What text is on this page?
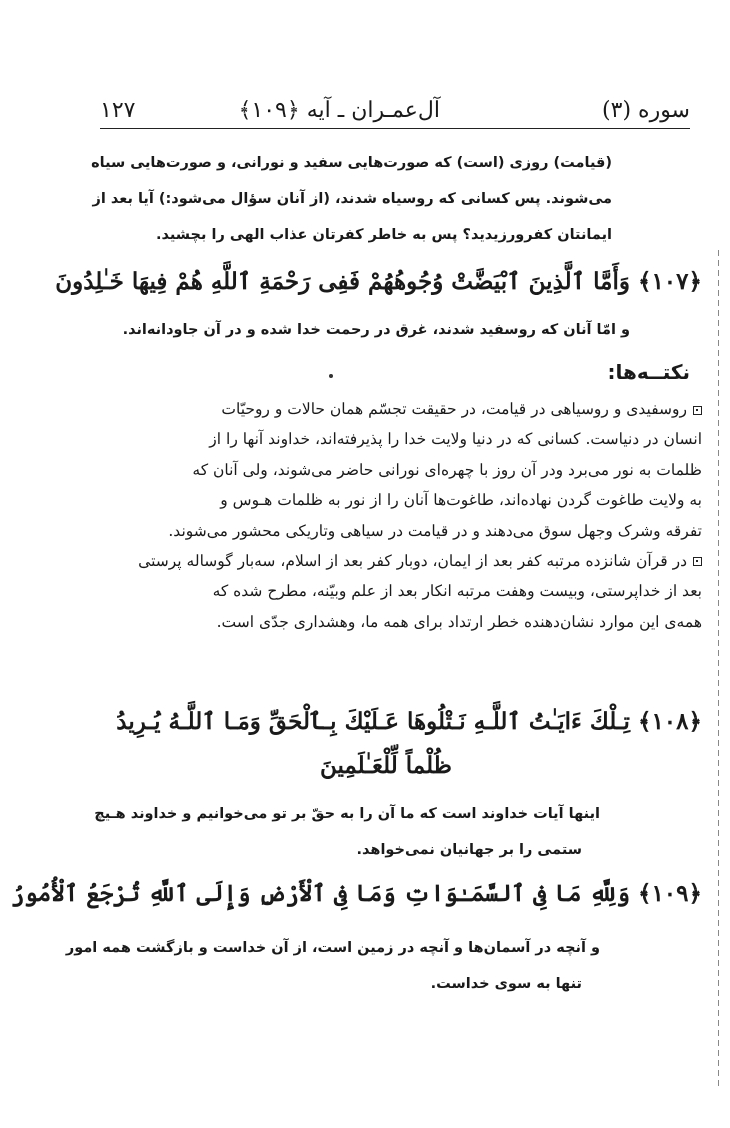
سوره (۳)
آل‌عمـران ـ آیه ﴿۱۰۹﴾
۱۲۷
(قیامت) روزی (است) که صورت‌هایی سفید و نورانی، و صورت‌هایی سیاه
می‌شوند. پس کسانی که روسیاه شدند، (از آنان سؤال می‌شود:) آیا بعد از
ایمانتان کفرورزیدید؟ پس به خاطر کفرتان عذاب الهی را بچشید.
﴿۱۰۷﴾ وَأَمَّا ٱلَّذِينَ ٱبْيَضَّتْ وُجُوهُهُمْ فَفِى رَحْمَةِ ٱللَّهِ هُمْ فِيهَا خَـٰلِدُونَ
و امّا آنان که روسفید شدند، غرق در رحمت خدا شده و در آن جاودانه‌اند.
نکتــه‌ها:
روسفیدی و روسیاهی در قیامت، در حقیقت تجسّم همان حالات و روحیّات
انسان در دنیاست. کسانی که در دنیا ولایت خدا را پذیرفته‌اند، خداوند آنها را از
ظلمات به نور می‌برد ودر آن روز با چهره‌ای نورانی حاضر می‌شوند، ولی آنان که
به ولایت طاغوت گردن نهاده‌اند، طاغوت‌ها آنان را از نور به ظلمات هـوس و
تفرقه وشرک وجهل سوق می‌دهند و در قیامت در سیاهی وتاریکی محشور می‌شوند.
در قرآن شانزده مرتبه کفر بعد از ایمان، دوبار کفر بعد از اسلام، سه‌بار گوساله پرستی
بعد از خداپرستی، وبیست وهفت مرتبه انکار بعد از علم وبیّنه، مطرح شده که
همه‌ی این موارد نشان‌دهنده خطر ارتداد برای همه ما، وهشداری جدّی است.
﴿۱۰۸﴾ تِـلْكَ ءَايَـٰتُ ٱللَّـهِ نَـتْلُوهَا عَـلَيْكَ بِـٱلْحَقِّ وَمَـا ٱللَّـهُ يُـرِيدُ
ظُلْماً لِّلْعَـٰلَمِينَ
اینها آیات خداوند است که ما آن را به حقّ بر تو می‌خوانیم و خداوند هـیچ
ستمی را بر جهانیان نمی‌خواهد.
﴿۱۰۹﴾ وَلِلَّهِ مَا فِى ٱلسَّمَـٰوَاتِ وَمَا فِى ٱلْأَرْضِ وَإِلَى ٱللَّهِ تُرْجَعُ ٱلْأُمُورُ
و آنچه در آسمان‌ها و آنچه در زمین است، از آن خداست و بازگشت همه امور
تنها به سوی خداست.
